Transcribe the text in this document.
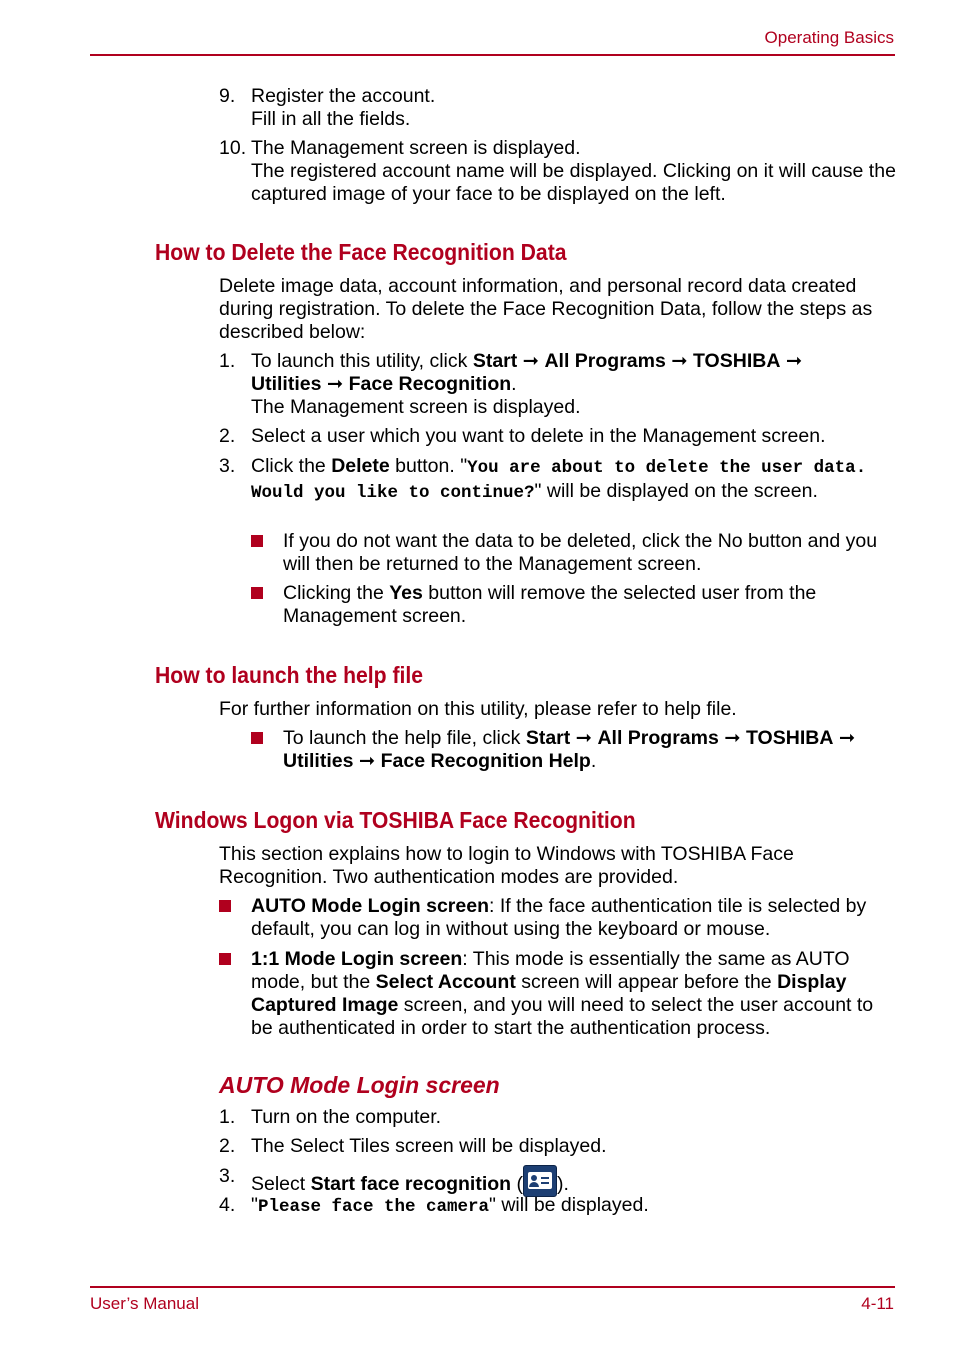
Operating Basics
9. Register the account.
Fill in all the fields.
10. The Management screen is displayed.
The registered account name will be displayed. Clicking on it will cause the captured image of your face to be displayed on the left.
How to Delete the Face Recognition Data
Delete image data, account information, and personal record data created during registration. To delete the Face Recognition Data, follow the steps as described below:
1. To launch this utility, click Start ➞ All Programs ➞ TOSHIBA ➞ Utilities ➞ Face Recognition.
The Management screen is displayed.
2. Select a user which you want to delete in the Management screen.
3. Click the Delete button. "You are about to delete the user data. Would you like to continue?" will be displayed on the screen.
If you do not want the data to be deleted, click the No button and you will then be returned to the Management screen.
Clicking the Yes button will remove the selected user from the Management screen.
How to launch the help file
For further information on this utility, please refer to help file.
To launch the help file, click Start ➞ All Programs ➞ TOSHIBA ➞ Utilities ➞ Face Recognition Help.
Windows Logon via TOSHIBA Face Recognition
This section explains how to login to Windows with TOSHIBA Face Recognition. Two authentication modes are provided.
AUTO Mode Login screen: If the face authentication tile is selected by default, you can log in without using the keyboard or mouse.
1:1 Mode Login screen: This mode is essentially the same as AUTO mode, but the Select Account screen will appear before the Display Captured Image screen, and you will need to select the user account to be authenticated in order to start the authentication process.
AUTO Mode Login screen
1. Turn on the computer.
2. The Select Tiles screen will be displayed.
3. Select Start face recognition ( ).
4. "Please face the camera" will be displayed.
User’s Manual	4-11
